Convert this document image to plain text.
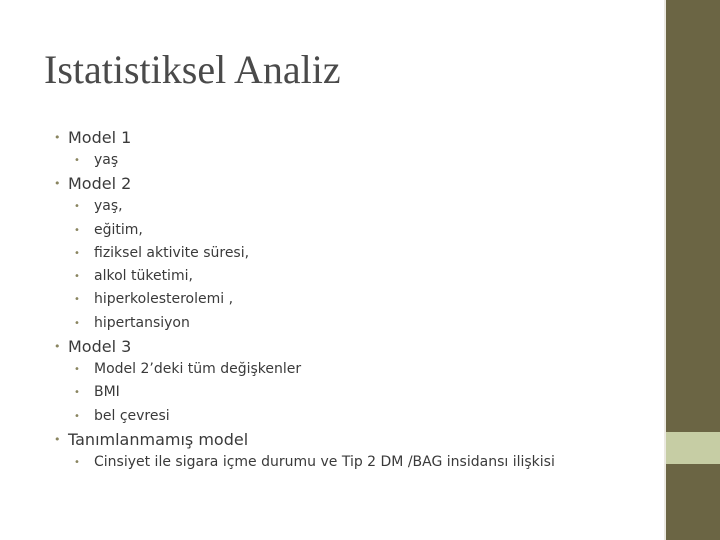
Istatistiksel Analiz
• Model 1
• yaş
• Model 2
• yaş,
• eğitim,
• fiziksel aktivite süresi,
• alkol tüketimi,
• hiperkolesterolemi ,
• hipertansiyon
• Model 3
• Model 2’deki tüm değişkenler
• BMI
• bel çevresi
• Tanımlanmamış model
• Cinsiyet ile sigara içme durumu ve Tip 2 DM /BAG insidansı ilişkisi
